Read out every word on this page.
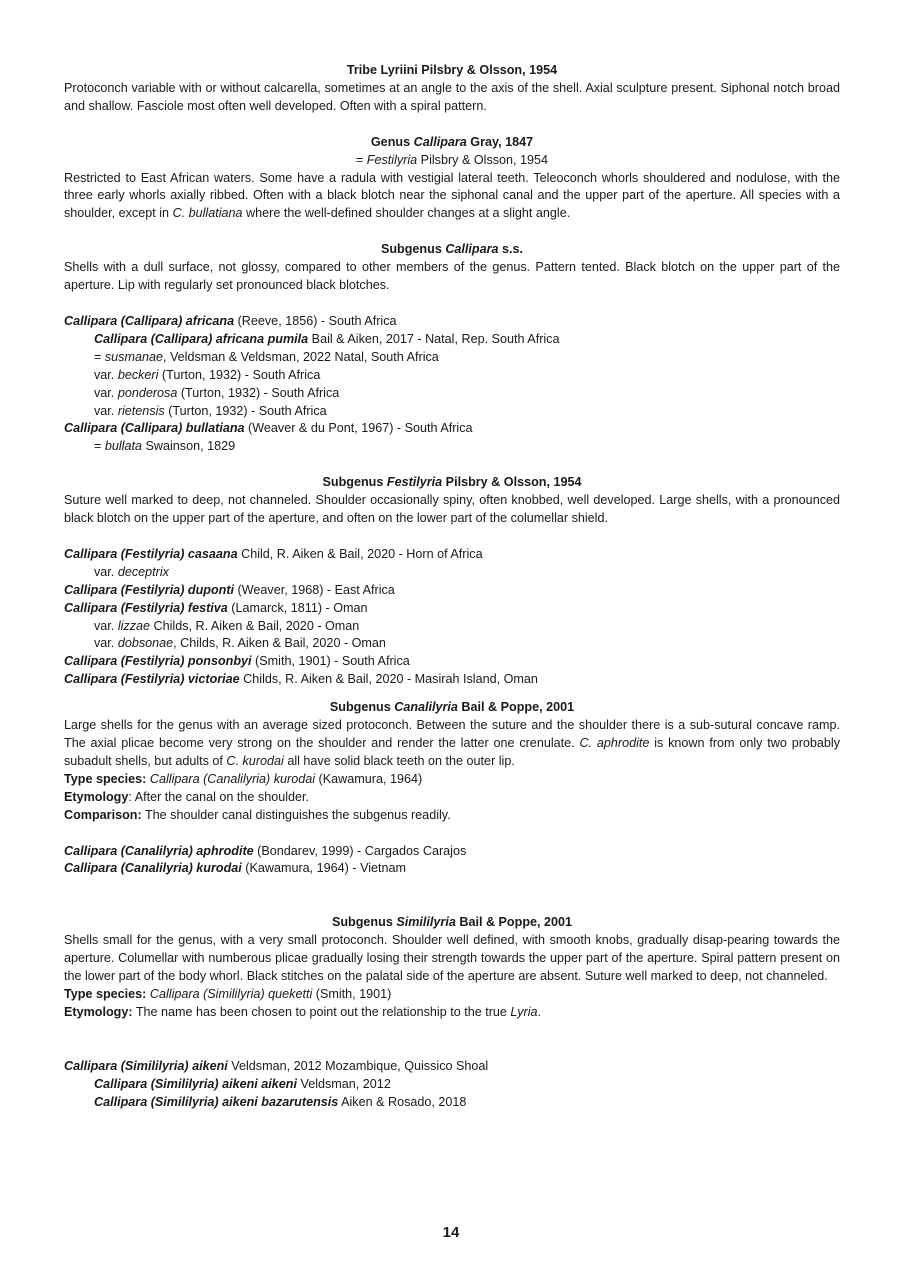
Tribe Lyriini Pilsbry & Olsson, 1954

Protoconch variable with or without calcarella, sometimes at an angle to the axis of the shell. Axial sculpture present. Siphonal notch broad and shallow. Fasciole most often well developed. Often with a spiral pattern.

Genus Callipara Gray, 1847
= Festilyria Pilsbry & Olsson, 1954

Restricted to East African waters. Some have a radula with vestigial lateral teeth. Teleoconch whorls shouldered and nodulose, with the three early whorls axially ribbed. Often with a black blotch near the siphonal canal and the upper part of the aperture. All species with a shoulder, except in C. bullatiana where the well-defined shoulder changes at a slight angle.

Subgenus Callipara s.s.

Shells with a dull surface, not glossy, compared to other members of the genus. Pattern tented. Black blotch on the upper part of the aperture. Lip with regularly set pronounced black blotches.

Callipara (Callipara) africana (Reeve, 1856) - South Africa
Callipara (Callipara) africana pumila Bail & Aiken, 2017 - Natal, Rep. South Africa
= susmanae, Veldsman & Veldsman, 2022 Natal, South Africa
var. beckeri (Turton, 1932) - South Africa
var. ponderosa (Turton, 1932) - South Africa
var. rietensis (Turton, 1932) - South Africa
Callipara (Callipara) bullatiana (Weaver & du Pont, 1967) - South Africa
= bullata Swainson, 1829
Subgenus Festilyria Pilsbry & Olsson, 1954

Suture well marked to deep, not channeled. Shoulder occasionally spiny, often knobbed, well developed. Large shells, with a pronounced black blotch on the upper part of the aperture, and often on the lower part of the columellar shield.

Callipara (Festilyria) casaana Child, R. Aiken & Bail, 2020 - Horn of Africa
var. deceptrix
Callipara (Festilyria) duponti (Weaver, 1968) - East Africa
Callipara (Festilyria) festiva (Lamarck, 1811) - Oman
var. lizzae Childs, R. Aiken & Bail, 2020 - Oman
var. dobsonae, Childs, R. Aiken & Bail, 2020 - Oman
Callipara (Festilyria) ponsonbyi (Smith, 1901) - South Africa
Callipara (Festilyria) victoriae Childs, R. Aiken & Bail, 2020 - Masirah Island, Oman
Subgenus Canalilyria Bail & Poppe, 2001

Large shells for the genus with an average sized protoconch. Between the suture and the shoulder there is a sub-sutural concave ramp. The axial plicae become very strong on the shoulder and render the latter one crenulate. C. aphrodite is known from only two probably subadult shells, but adults of C. kurodai all have solid black teeth on the outer lip.

Type species: Callipara (Canalilyria) kurodai (Kawamura, 1964)
Etymology: After the canal on the shoulder.
Comparison: The shoulder canal distinguishes the subgenus readily.
Callipara (Canalilyria) aphrodite (Bondarev, 1999) - Cargados Carajos
Callipara (Canalilyria) kurodai (Kawamura, 1964) - Vietnam
Subgenus Simililyria Bail & Poppe, 2001

Shells small for the genus, with a very small protoconch. Shoulder well defined, with smooth knobs, gradually disap-pearing towards the aperture. Columellar with numberous plicae gradually losing their strength towards the upper part of the aperture. Spiral pattern present on the lower part of the body whorl. Black stitches on the palatal side of the aperture are absent. Suture well marked to deep, not channeled.

Type species: Callipara (Simililyria) queketti (Smith, 1901)
Etymology: The name has been chosen to point out the relationship to the true Lyria.
Callipara (Simililyria) aikeni Veldsman, 2012 Mozambique, Quissico Shoal
Callipara (Simililyria) aikeni aikeni Veldsman, 2012
Callipara (Simililyria) aikeni bazarutensis Aiken & Rosado, 2018
14
